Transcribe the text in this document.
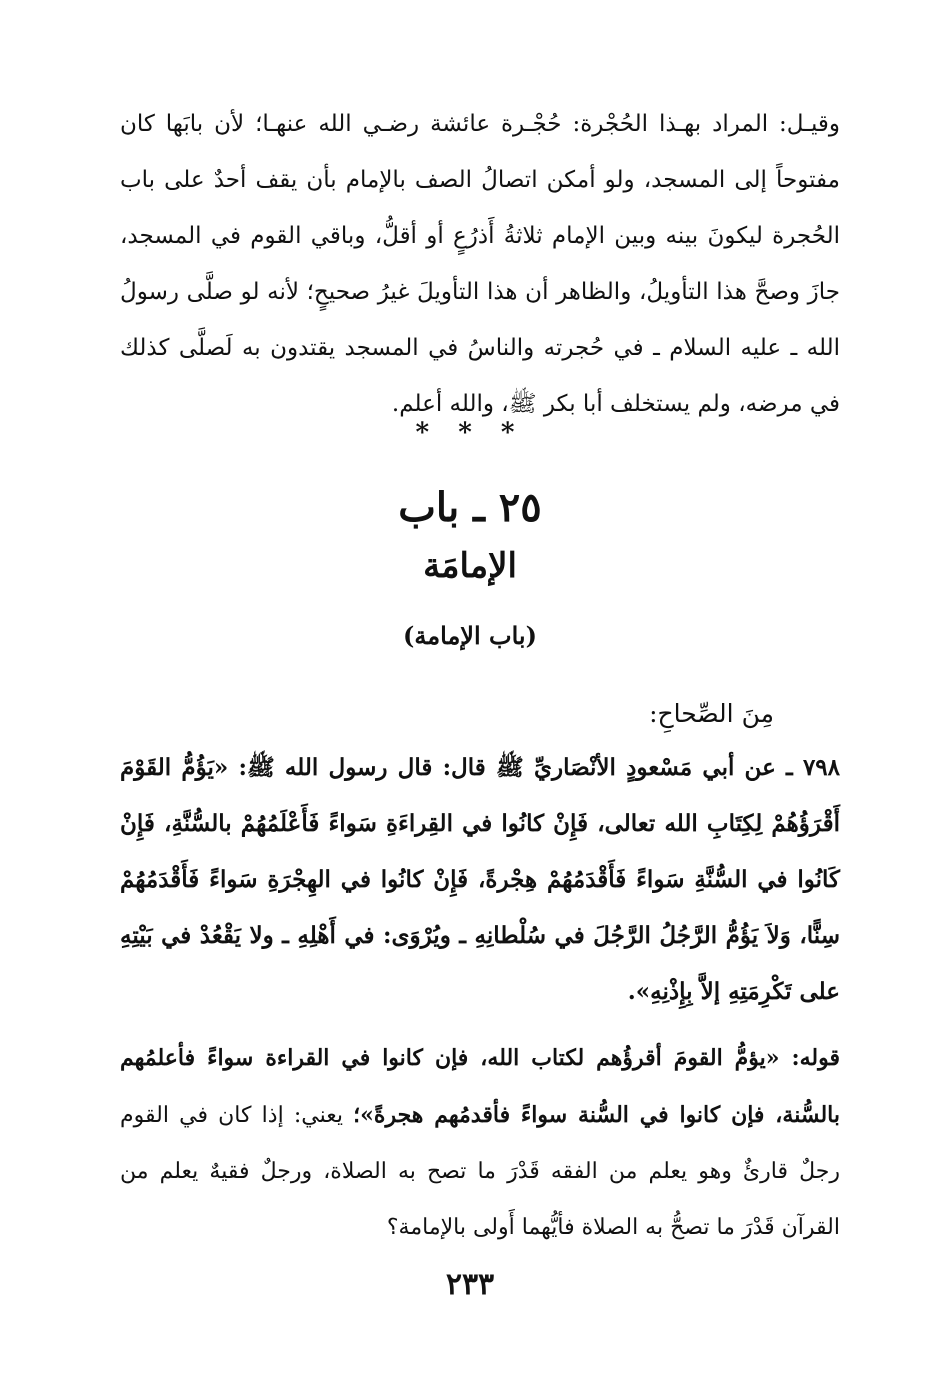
وقيـل: المراد بهـذا الحُجْرة: حُجْـرة عائشة رضـي الله عنهـا؛ لأن بابَها كان مفتوحاً إلى المسجد، ولو أمكن اتصالُ الصف بالإمام بأن يقف أحدٌ على باب الحُجرة ليكونَ بينه وبين الإمام ثلاثةُ أَذرُعٍ أو أقلُّ، وباقي القوم في المسجد، جازَ وصحَّ هذا التأويلُ، والظاهر أن هذا التأويلَ غيرُ صحيحٍ؛ لأنه لو صلَّى رسولُ الله ـ عليه السلام ـ في حُجرته والناسُ في المسجد يقتدون به لَصلَّى كذلك في مرضه، ولم يستخلف أبا بكر ﷺ، والله أعلم.

* * *
٢٥ ـ باب
الإمامَة
(باب الإمامة)
مِنَ الصِّحاحِ:

٧٩٨ ـ عن أبي مَسْعودٍ الأنْصَاريِّ ﷺ قال: قال رسول الله ﷺ: «يَؤُمُّ القَوْمَ أَقْرَؤُهُمْ لِكِتَابِ الله تعالى، فَإِنْ كانُوا في القِراءَةِ سَواءً فَأَعْلَمُهُمْ بالسُّنَّةِ، فَإِنْ كَانُوا في السُّنَّةِ سَواءً فَأَقْدَمُهُمْ هِجْرةً، فَإِنْ كانُوا في الهِجْرَةِ سَواءً فَأَقْدَمُهُمْ سِنًّا، وَلاَ يَؤُمُّ الرَّجُلُ الرَّجُلَ في سُلْطانِهِ ـ ويُرْوَى: في أَهْلِهِ ـ ولا يَقْعُدْ في بَيْتِهِ على تَكْرِمَتِهِ إلاَّ بِإِذْنِهِ».

قوله: «يؤمُّ القومَ أقرؤُهم لكتاب الله، فإن كانوا في القراءة سواءً فأعلمُهم بالسُّنة، فإن كانوا في السُّنة سواءً فأقدمُهم هجرةً»؛ يعني: إذا كان في القوم رجلٌ قارئٌ وهو يعلم من الفقه قَدْرَ ما تصح به الصلاة، ورجلٌ فقيهٌ يعلم من القرآن قَدْرَ ما تصحُّ به الصلاة فأيُّهما أَولى بالإمامة؟

٢٣٣
